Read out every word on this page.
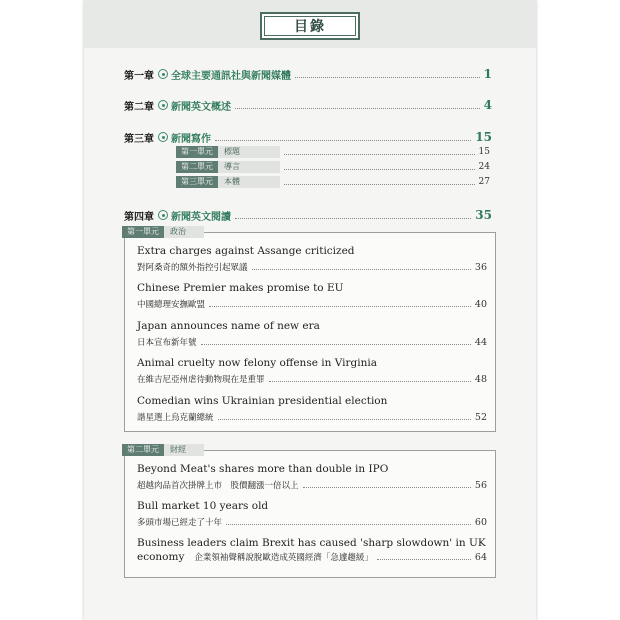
目錄
第一章 全球主要通訊社與新聞媒體	1
第二章 新聞英文概述	4
第三章 新聞寫作	15
第一單元	標題	15
第二單元	導言	24
第三單元	本體	27
第四章 新聞英文閱讀	35
Extra charges against Assange criticized
對阿桑奇的額外指控引起眾議	36
Chinese Premier makes promise to EU
中國總理安撫歐盟	40
Japan announces name of new era
日本宣布新年號	44
Animal cruelty now felony offense in Virginia
在維吉尼亞州虐待動物現在是重罪	48
Comedian wins Ukrainian presidential election
諧星選上烏克蘭總統	52
第一單元	政治
Beyond Meat's shares more than double in IPO
超越肉品首次掛牌上市　股價翻漲一倍以上	56
Bull market 10 years old
多頭市場已經走了十年	60
Business leaders claim Brexit has caused 'sharp slowdown' in UK
economy 企業領袖聲稱說脫歐造成英國經濟「急遽趨緩」	64
第二單元	財經
